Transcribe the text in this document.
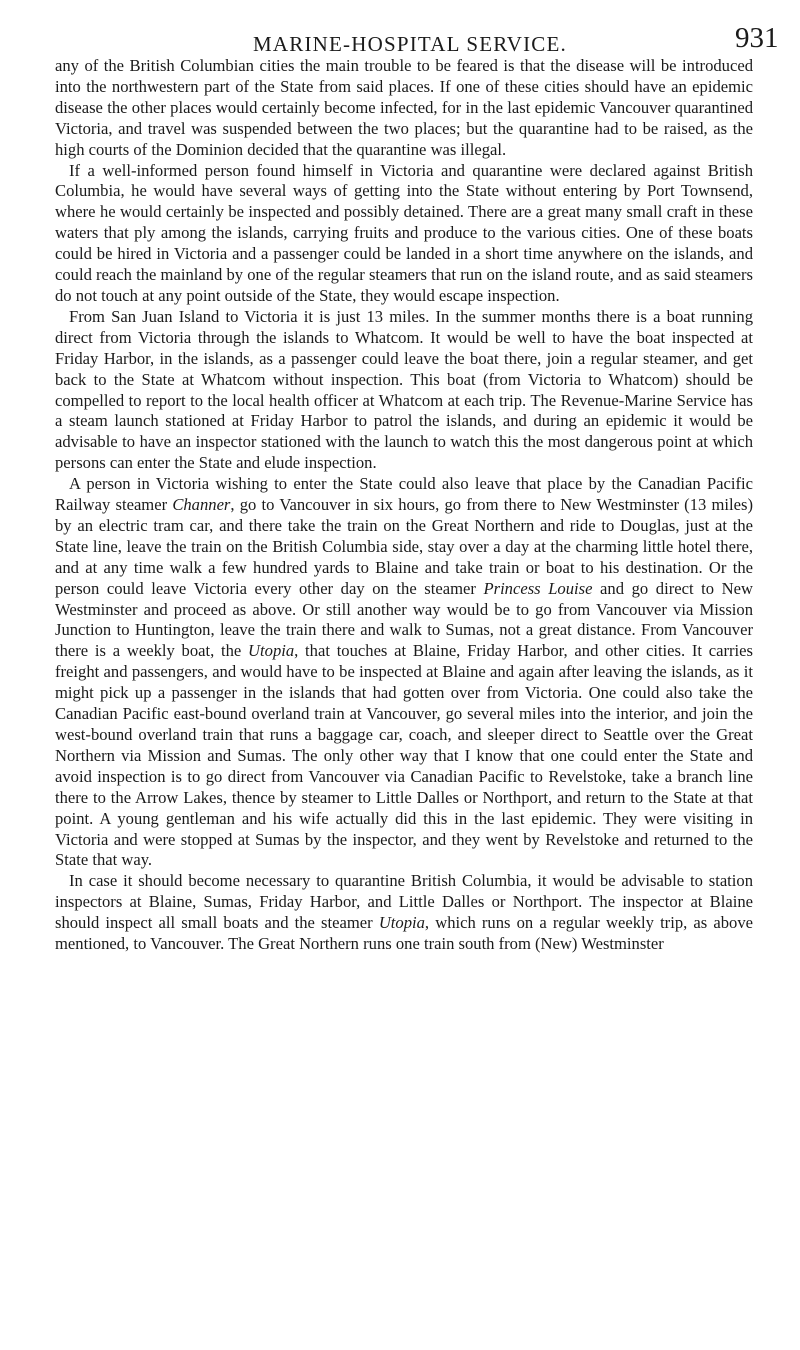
MARINE-HOSPITAL SERVICE.	931

any of the British Columbian cities the main trouble to be feared is that the disease will be introduced into the northwestern part of the State from said places. If one of these cities should have an epidemic disease the other places would certainly become infected, for in the last epidemic Vancouver quarantined Victoria, and travel was suspended between the two places; but the quarantine had to be raised, as the high courts of the Dominion decided that the quarantine was illegal.

If a well-informed person found himself in Victoria and quarantine were declared against British Columbia, he would have several ways of getting into the State without entering by Port Townsend, where he would certainly be inspected and possibly detained. There are a great many small craft in these waters that ply among the islands, carrying fruits and produce to the various cities. One of these boats could be hired in Victoria and a passenger could be landed in a short time anywhere on the islands, and could reach the mainland by one of the regular steamers that run on the island route, and as said steamers do not touch at any point outside of the State, they would escape inspection.

From San Juan Island to Victoria it is just 13 miles. In the summer months there is a boat running direct from Victoria through the islands to Whatcom. It would be well to have the boat inspected at Friday Harbor, in the islands, as a passenger could leave the boat there, join a regular steamer, and get back to the State at Whatcom without inspection. This boat (from Victoria to Whatcom) should be compelled to report to the local health officer at Whatcom at each trip. The Revenue-Marine Service has a steam launch stationed at Friday Harbor to patrol the islands, and during an epidemic it would be advisable to have an inspector stationed with the launch to watch this the most dangerous point at which persons can enter the State and elude inspection.

A person in Victoria wishing to enter the State could also leave that place by the Canadian Pacific Railway steamer Channer, go to Vancouver in six hours, go from there to New Westminster (13 miles) by an electric tram car, and there take the train on the Great Northern and ride to Douglas, just at the State line, leave the train on the British Columbia side, stay over a day at the charming little hotel there, and at any time walk a few hundred yards to Blaine and take train or boat to his destination. Or the person could leave Victoria every other day on the steamer Princess Louise and go direct to New Westminster and proceed as above. Or still another way would be to go from Vancouver via Mission Junction to Huntington, leave the train there and walk to Sumas, not a great distance. From Vancouver there is a weekly boat, the Utopia, that touches at Blaine, Friday Harbor, and other cities. It carries freight and passengers, and would have to be inspected at Blaine and again after leaving the islands, as it might pick up a passenger in the islands that had gotten over from Victoria. One could also take the Canadian Pacific east-bound overland train at Vancouver, go several miles into the interior, and join the west-bound overland train that runs a baggage car, coach, and sleeper direct to Seattle over the Great Northern via Mission and Sumas. The only other way that I know that one could enter the State and avoid inspection is to go direct from Vancouver via Canadian Pacific to Revelstoke, take a branch line there to the Arrow Lakes, thence by steamer to Little Dalles or Northport, and return to the State at that point. A young gentleman and his wife actually did this in the last epidemic. They were visiting in Victoria and were stopped at Sumas by the inspector, and they went by Revelstoke and returned to the State that way.

In case it should become necessary to quarantine British Columbia, it would be advisable to station inspectors at Blaine, Sumas, Friday Harbor, and Little Dalles or Northport. The inspector at Blaine should inspect all small boats and the steamer Utopia, which runs on a regular weekly trip, as above mentioned, to Vancouver. The Great Northern runs one train south from (New) Westminster
